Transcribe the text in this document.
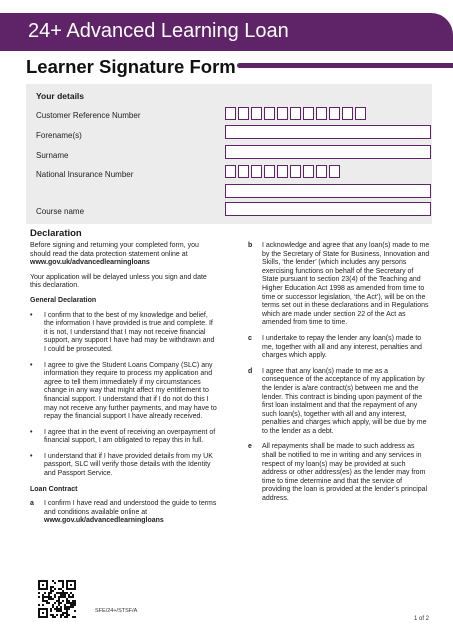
24+ Advanced Learning Loan
Learner Signature Form
Your details
Customer Reference Number
Forename(s)
Surname
National Insurance Number
Course name
Declaration

Before signing and returning your completed form, you should read the data protection statement online at www.gov.uk/advancedlearningloans

Your application will be delayed unless you sign and date this declaration.

General Declaration

•	I confirm that to the best of my knowledge and belief, the information I have provided is true and complete. If it is not, I understand that I may not receive financial support, any support I have had may be withdrawn and I could be prosecuted.
•	I agree to give the Student Loans Company (SLC) any information they require to process my application and agree to tell them immediately if my circumstances change in any way that might affect my entitlement to financial support. I understand that if I do not do this I may not receive any further payments, and may have to repay the financial support I have already received.
•	I agree that in the event of receiving an overpayment of financial support, I am obligated to repay this in full.
•	I understand that if I have provided details from my UK passport, SLC will verify those details with the Identity and Passport Service.

Loan Contract

a	I confirm I have read and understood the guide to terms and conditions available online at www.gov.uk/advancedlearningloans
b	I acknowledge and agree that any loan(s) made to me by the Secretary of State for Business, Innovation and Skills, ‘the lender’ (which includes any persons exercising functions on behalf of the Secretary of State pursuant to section 23(4) of the Teaching and Higher Education Act 1998 as amended from time to time or successor legislation, ‘the Act’), will be on the terms set out in these declarations and in Regulations which are made under section 22 of the Act as amended from time to time.
c	I undertake to repay the lender any loan(s) made to me, together with all and any interest, penalties and charges which apply.
d	I agree that any loan(s) made to me as a consequence of the acceptance of my application by the lender is a/are contract(s) between me and the lender. This contract is binding upon payment of the first loan instalment and that the repayment of any such loan(s), together with all and any interest, penalties and charges which apply, will be due by me to the lender as a debt.
e	All repayments shall be made to such address as shall be notified to me in writing and any services in respect of my loan(s) may be provided at such address or other address(es) as the lender may from time to time determine and that the service of providing the loan is provided at the lender’s principal address.
SFE/24+/STSF/A
1 of 2
